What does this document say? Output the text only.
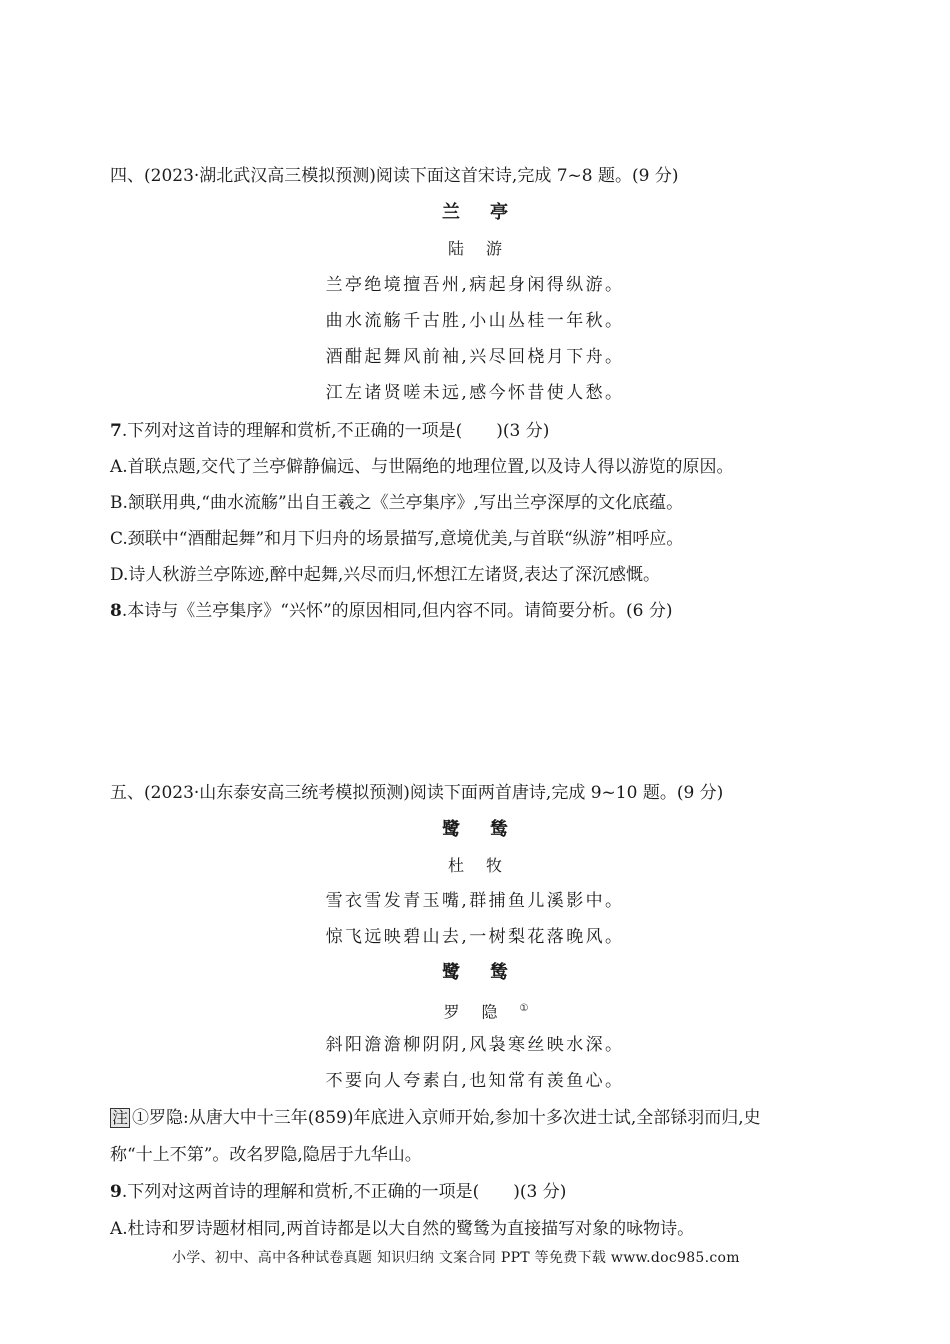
四、(2023·湖北武汉高三模拟预测)阅读下面这首宋诗,完成 7~8 题。(9 分)
兰亭
陆游
兰亭绝境擅吾州,病起身闲得纵游。
曲水流觞千古胜,小山丛桂一年秋。
酒酣起舞风前袖,兴尽回桡月下舟。
江左诸贤嗟未远,感今怀昔使人愁。
7.下列对这首诗的理解和赏析,不正确的一项是(　　)(3 分)
A.首联点题,交代了兰亭僻静偏远、与世隔绝的地理位置,以及诗人得以游览的原因。
B.颔联用典,“曲水流觞”出自王羲之《兰亭集序》,写出兰亭深厚的文化底蕴。
C.颈联中“酒酣起舞”和月下归舟的场景描写,意境优美,与首联“纵游”相呼应。
D.诗人秋游兰亭陈迹,醉中起舞,兴尽而归,怀想江左诸贤,表达了深沉感慨。
8.本诗与《兰亭集序》“兴怀”的原因相同,但内容不同。请简要分析。(6 分)
五、(2023·山东泰安高三统考模拟预测)阅读下面两首唐诗,完成 9~10 题。(9 分)
鹭鸶
杜牧
雪衣雪发青玉嘴,群捕鱼儿溪影中。
惊飞远映碧山去,一树梨花落晚风。
鹭鸶
罗隐①
斜阳澹澹柳阴阴,风袅寒丝映水深。
不要向人夸素白,也知常有羡鱼心。
注 ①罗隐:从唐大中十三年(859)年底进入京师开始,参加十多次进士试,全部铩羽而归,史
称“十上不第”。改名罗隐,隐居于九华山。
9.下列对这两首诗的理解和赏析,不正确的一项是(　　)(3 分)
A.杜诗和罗诗题材相同,两首诗都是以大自然的鹭鸶为直接描写对象的咏物诗。
小学、初中、高中各种试卷真题 知识归纳 文案合同 PPT 等免费下载 www.doc985.com
